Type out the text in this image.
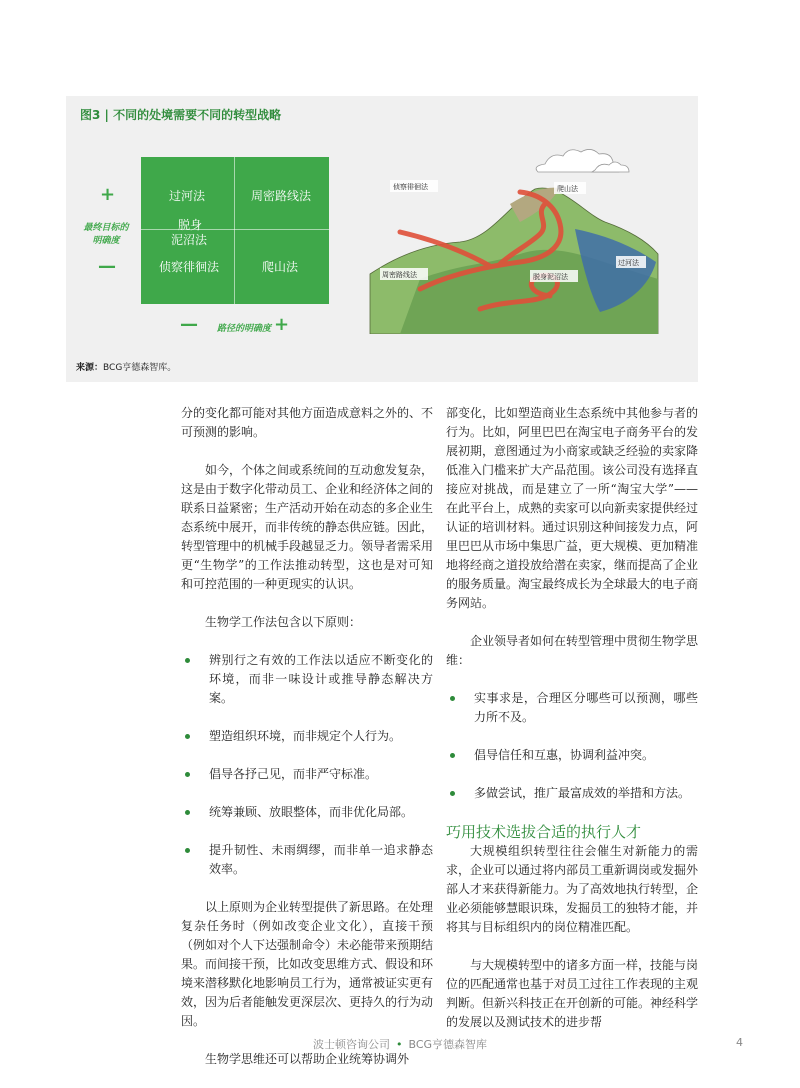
图3 | 不同的处境需要不同的转型战略
+
最终目标的
明确度
—
过河法	周密路线法
脱身
泥沼法
侦察徘徊法	爬山法
—	路径的明确度 +
侦察徘徊法	爬山法
过河法
周密路线法	脱身泥沼法
来源：BCG亨德森智库。

分的变化都可能对其他方面造成意料之外的、不可预测的影响。

如今，个体之间或系统间的互动愈发复杂，这是由于数字化带动员工、企业和经济体之间的联系日益紧密；生产活动开始在动态的多企业生态系统中展开，而非传统的静态供应链。因此，转型管理中的机械手段越显乏力。领导者需采用更“生物学”的工作法推动转型，这也是对可知和可控范围的一种更现实的认识。

生物学工作法包含以下原则：

辨别行之有效的工作法以适应不断变化的环境，而非一味设计或推导静态解决方案。
塑造组织环境，而非规定个人行为。
倡导各抒己见，而非严守标准。
统筹兼顾、放眼整体，而非优化局部。
提升韧性、未雨绸缪，而非单一追求静态效率。

以上原则为企业转型提供了新思路。在处理复杂任务时（例如改变企业文化），直接干预（例如对个人下达强制命令）未必能带来预期结果。而间接干预，比如改变思维方式、假设和环境来潜移默化地影响员工行为，通常被证实更有效，因为后者能触发更深层次、更持久的行为动因。

生物学思维还可以帮助企业统筹协调外

部变化，比如塑造商业生态系统中其他参与者的行为。比如，阿里巴巴在淘宝电子商务平台的发展初期，意图通过为小商家或缺乏经验的卖家降低准入门槛来扩大产品范围。该公司没有选择直接应对挑战，而是建立了一所“淘宝大学”——在此平台上，成熟的卖家可以向新卖家提供经过认证的培训材料。通过识别这种间接发力点，阿里巴巴从市场中集思广益，更大规模、更加精准地将经商之道投放给潜在卖家，继而提高了企业的服务质量。淘宝最终成长为全球最大的电子商务网站。

企业领导者如何在转型管理中贯彻生物学思维：

实事求是，合理区分哪些可以预测，哪些力所不及。
倡导信任和互惠，协调利益冲突。
多做尝试，推广最富成效的举措和方法。
巧用技术选拔合适的执行人才

大规模组织转型往往会催生对新能力的需求，企业可以通过将内部员工重新调岗或发掘外部人才来获得新能力。为了高效地执行转型，企业必须能够慧眼识珠，发掘员工的独特才能，并将其与目标组织内的岗位精准匹配。

与大规模转型中的诸多方面一样，技能与岗位的匹配通常也基于对员工过往工作表现的主观判断。但新兴科技正在开创新的可能。神经科学的发展以及测试技术的进步帮

波士顿咨询公司 • BCG亨德森智库	4
